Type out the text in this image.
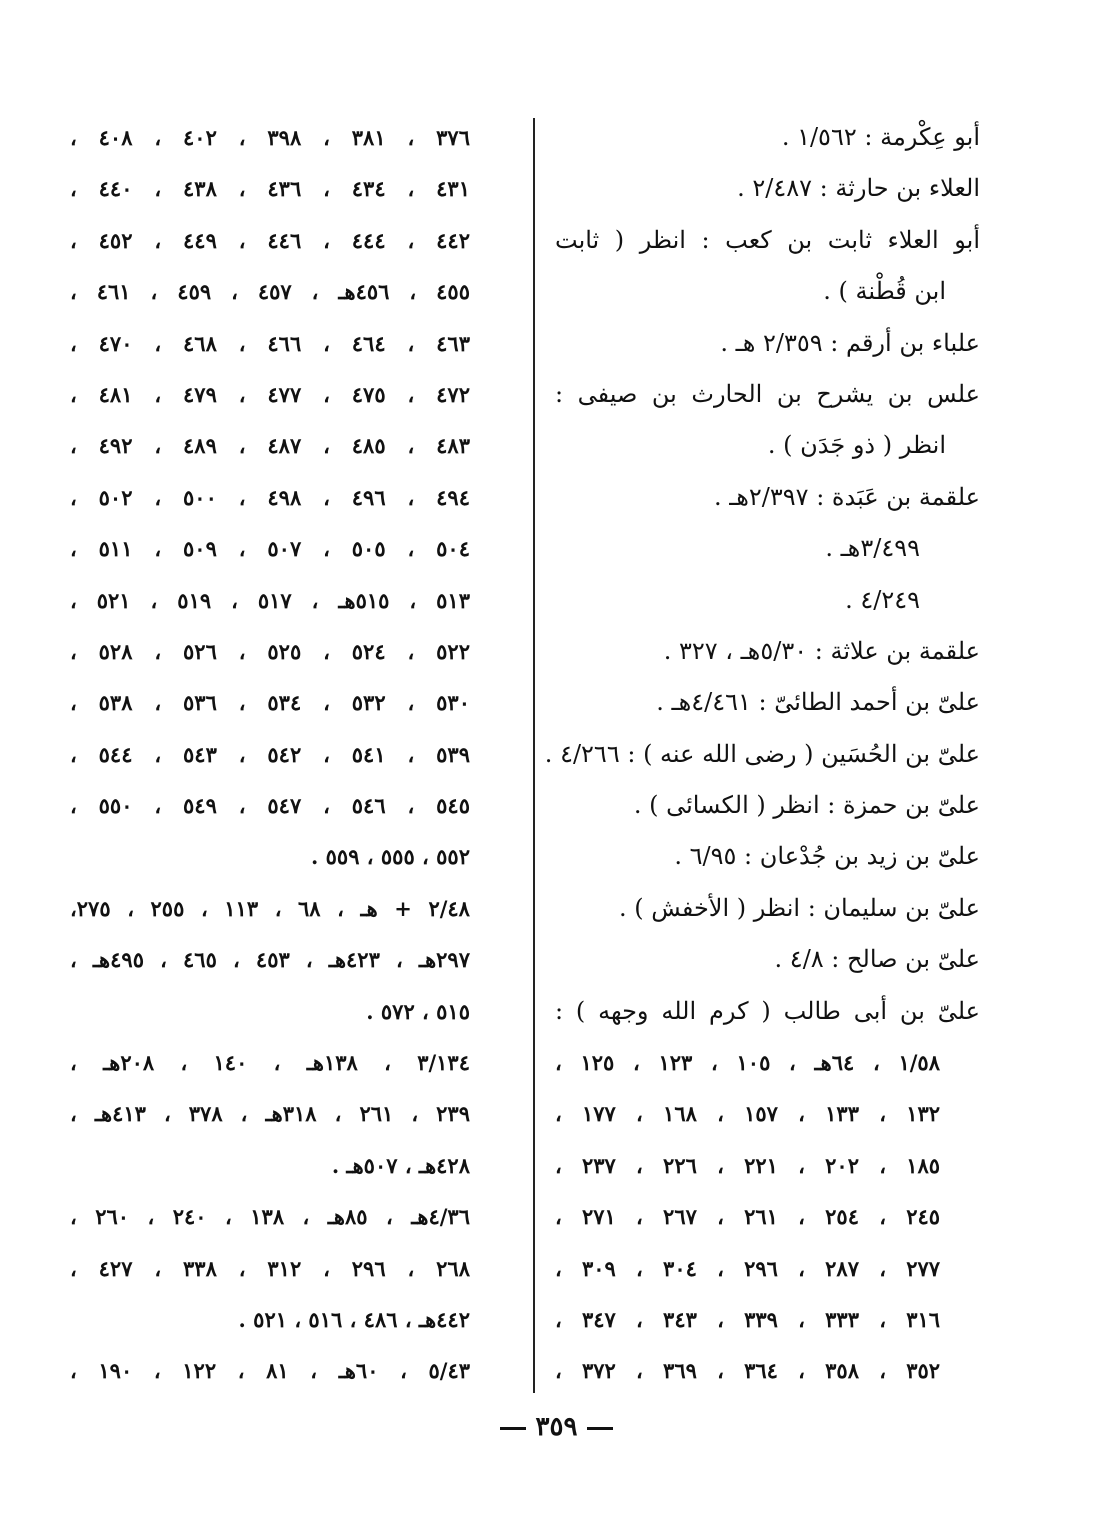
أبو عِكْرمة : ١/٥٦٢ .
العلاء بن حارثة : ٢/٤٨٧ .
أبو العلاء ثابت بن كعب : انظر ( ثابت
ابن قُطْنة ) .
علباء بن أرقم : ٢/٣٥٩ هـ .
علس بن يشرح بن الحارث بن صيفى :
انظر ( ذو جَدَن ) .
علقمة بن عَبَدة : ٢/٣٩٧هـ .
٣/٤٩٩هـ .
٤/٢٤٩ .
علقمة بن علاثة : ٥/٣٠هـ ، ٣٢٧ .
علىّ بن أحمد الطائىّ : ٤/٤٦١هـ .
علىّ بن الحُسَين ( رضى الله عنه ) : ٤/٢٦٦ .
علىّ بن حمزة : انظر ( الكسائى ) .
علىّ بن زيد بن جُدْعان : ٦/٩٥ .
علىّ بن سليمان : انظر ( الأخفش ) .
علىّ بن صالح : ٤/٨ .
علىّ بن أبى طالب ( كرم الله وجهه ) :
١/٥٨ ، ٦٤هـ ، ١٠٥ ، ١٢٣ ، ١٢٥ ،
١٣٢ ، ١٣٣ ، ١٥٧ ، ١٦٨ ، ١٧٧ ،
١٨٥ ، ٢٠٢ ، ٢٢١ ، ٢٢٦ ، ٢٣٧ ،
٢٤٥ ، ٢٥٤ ، ٢٦١ ، ٢٦٧ ، ٢٧١ ،
٢٧٧ ، ٢٨٧ ، ٢٩٦ ، ٣٠٤ ، ٣٠٩ ،
٣١٦ ، ٣٣٣ ، ٣٣٩ ، ٣٤٣ ، ٣٤٧ ،
٣٥٢ ، ٣٥٨ ، ٣٦٤ ، ٣٦٩ ، ٣٧٢ ،
٣٧٦ ، ٣٨١ ، ٣٩٨ ، ٤٠٢ ، ٤٠٨ ،
٤٣١ ، ٤٣٤ ، ٤٣٦ ، ٤٣٨ ، ٤٤٠ ،
٤٤٢ ، ٤٤٤ ، ٤٤٦ ، ٤٤٩ ، ٤٥٢ ،
٤٥٥ ، ٤٥٦هـ ، ٤٥٧ ، ٤٥٩ ، ٤٦١ ،
٤٦٣ ، ٤٦٤ ، ٤٦٦ ، ٤٦٨ ، ٤٧٠ ،
٤٧٢ ، ٤٧٥ ، ٤٧٧ ، ٤٧٩ ، ٤٨١ ،
٤٨٣ ، ٤٨٥ ، ٤٨٧ ، ٤٨٩ ، ٤٩٢ ،
٤٩٤ ، ٤٩٦ ، ٤٩٨ ، ٥٠٠ ، ٥٠٢ ،
٥٠٤ ، ٥٠٥ ، ٥٠٧ ، ٥٠٩ ، ٥١١ ،
٥١٣ ، ٥١٥هـ ، ٥١٧ ، ٥١٩ ، ٥٢١ ،
٥٢٢ ، ٥٢٤ ، ٥٢٥ ، ٥٢٦ ، ٥٢٨ ،
٥٣٠ ، ٥٣٢ ، ٥٣٤ ، ٥٣٦ ، ٥٣٨ ،
٥٣٩ ، ٥٤١ ، ٥٤٢ ، ٥٤٣ ، ٥٤٤ ،
٥٤٥ ، ٥٤٦ ، ٥٤٧ ، ٥٤٩ ، ٥٥٠ ،
٥٥٢ ، ٥٥٥ ، ٥٥٩ .
٢/٤٨ + هـ ، ٦٨ ، ١١٣ ، ٢٥٥ ، ٢٧٥،
٢٩٧هـ ، ٤٢٣هـ ، ٤٥٣ ، ٤٦٥ ، ٤٩٥هـ ،
٥١٥ ، ٥٧٢ .
٣/١٣٤ ، ١٣٨هـ ، ١٤٠ ، ٢٠٨هـ ،
٢٣٩ ، ٢٦١ ، ٣١٨هـ ، ٣٧٨ ، ٤١٣هـ ،
٤٢٨هـ ، ٥٠٧هـ .
٤/٣٦هـ ، ٨٥هـ ، ١٣٨ ، ٢٤٠ ، ٢٦٠ ،
٢٦٨ ، ٢٩٦ ، ٣١٢ ، ٣٣٨ ، ٤٢٧ ،
٤٤٢هـ ، ٤٨٦ ، ٥١٦ ، ٥٢١ .
٥/٤٣ ، ٦٠هـ ، ٨١ ، ١٢٢ ، ١٩٠ ،
٣٥٩
